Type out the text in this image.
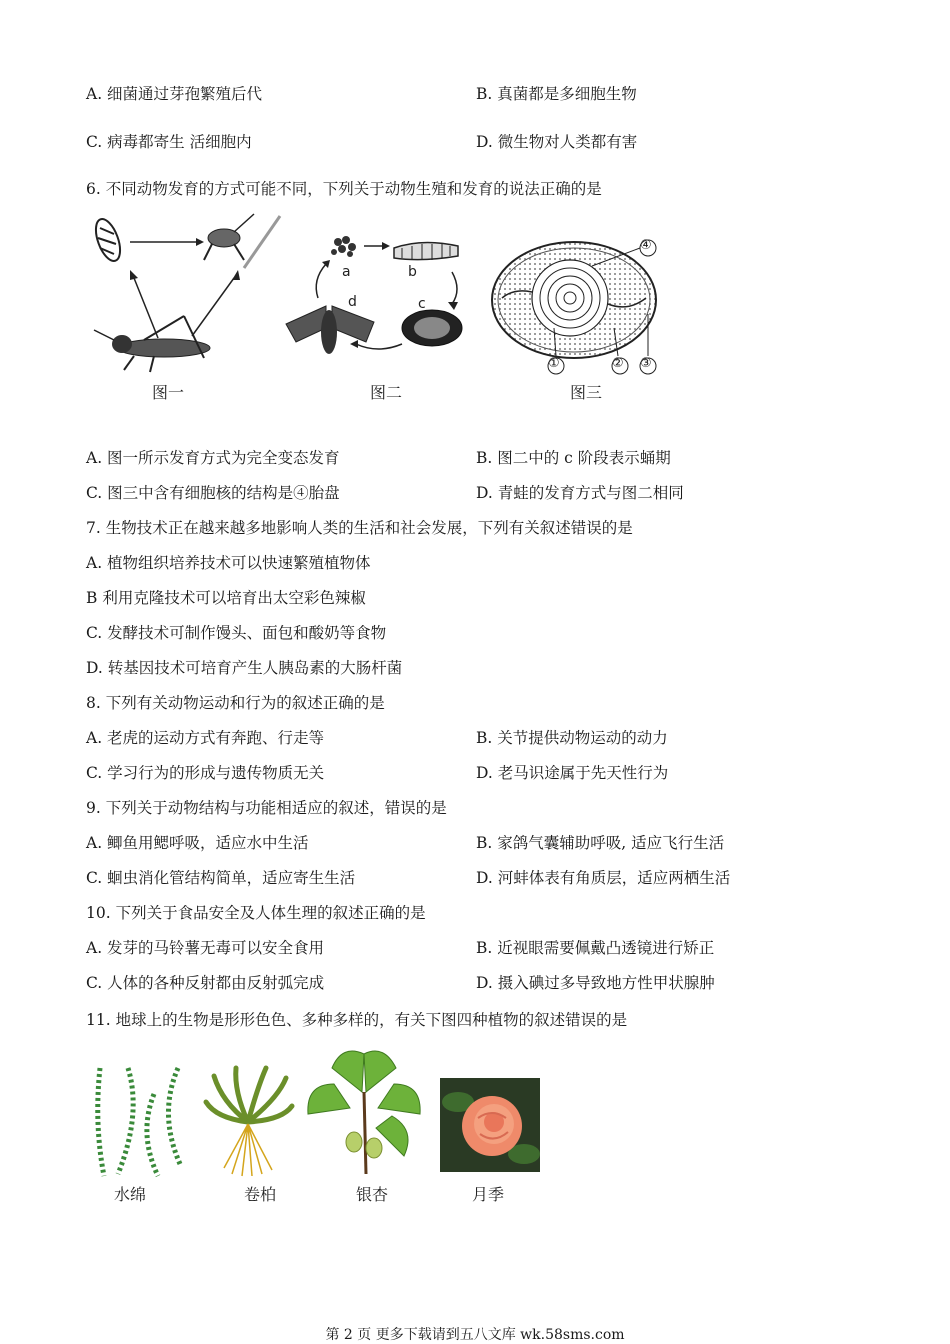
A. 细菌通过芽孢繁殖后代	B. 真菌都是多细胞生物
C. 病毒都寄生 活细胞内	D. 微生物对人类都有害
6. 不同动物发育的方式可能不同，下列关于动物生殖和发育的说法正确的是
图一
a	b
c
d
图二
④
①	② ③
图三
A. 图一所示发育方式为完全变态发育	B. 图二中的 c 阶段表示蛹期
C. 图三中含有细胞核的结构是④胎盘	D. 青蛙的发育方式与图二相同
7. 生物技术正在越来越多地影响人类的生活和社会发展，下列有关叙述错误的是
A. 植物组织培养技术可以快速繁殖植物体
B 利用克隆技术可以培育出太空彩色辣椒
C. 发酵技术可制作馒头、面包和酸奶等食物
D. 转基因技术可培育产生人胰岛素的大肠杆菌
8. 下列有关动物运动和行为的叙述正确的是
A. 老虎的运动方式有奔跑、行走等	B. 关节提供动物运动的动力
C. 学习行为的形成与遗传物质无关	D. 老马识途属于先天性行为
9. 下列关于动物结构与功能相适应的叙述，错误的是
A. 鲫鱼用鳃呼吸，适应水中生活	B. 家鸽气囊辅助呼吸, 适应飞行生活
C. 蛔虫消化管结构简单，适应寄生生活	D. 河蚌体表有角质层，适应两栖生活
10. 下列关于食品安全及人体生理的叙述正确的是
A. 发芽的马铃薯无毒可以安全食用	B. 近视眼需要佩戴凸透镜进行矫正
C. 人体的各种反射都由反射弧完成	D. 摄入碘过多导致地方性甲状腺肿
11. 地球上的生物是形形色色、多种多样的，有关下图四种植物的叙述错误的是
水绵	卷柏	银杏	月季
第 2 页 更多下载请到五八文库 wk.58sms.com
